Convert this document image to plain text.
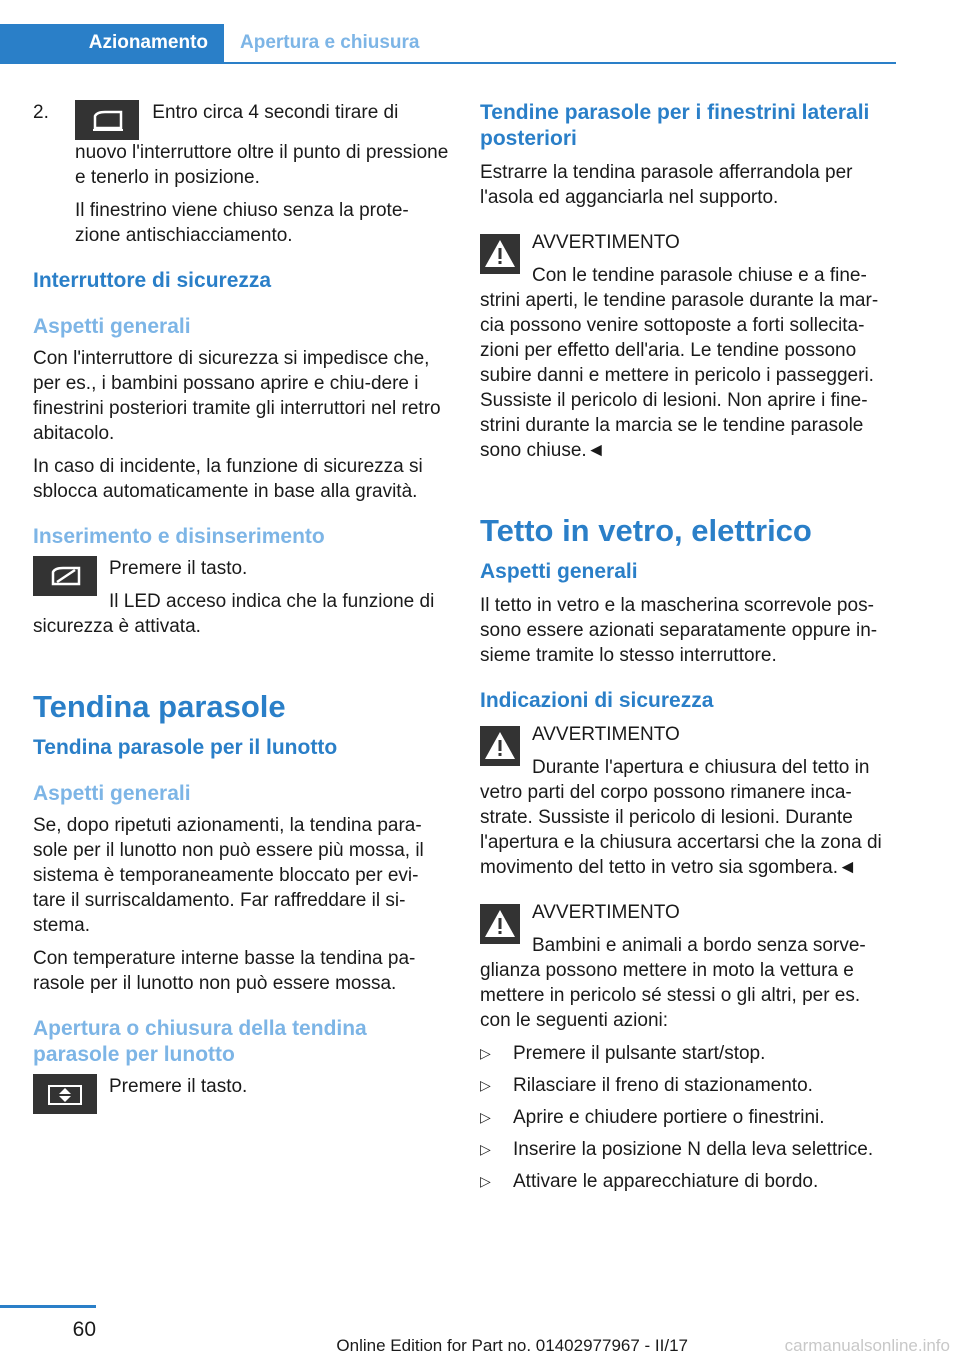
Azionamento	Apertura e chiusura
2.	Entro circa 4 secondi tirare di nuovo l'interruttore oltre il punto di pressione e tenerlo in posizione.

Il finestrino viene chiuso senza la prote‐zione antischiacciamento.

Interruttore di sicurezza
Aspetti generali

Con l'interruttore di sicurezza si impedisce che, per es., i bambini possano aprire e chiu‐dere i finestrini posteriori tramite gli interruttori nel retro abitacolo.

In caso di incidente, la funzione di sicurezza si sblocca automaticamente in base alla gravità.

Inserimento e disinserimento

Premere il tasto.

Il LED acceso indica che la funzione di sicurezza è attivata.

Tendina parasole
Tendina parasole per il lunotto
Aspetti generali

Se, dopo ripetuti azionamenti, la tendina para‐sole per il lunotto non può essere più mossa, il sistema è temporaneamente bloccato per evi‐tare il surriscaldamento. Far raffreddare il si‐stema.

Con temperature interne basse la tendina pa‐rasole per il lunotto non può essere mossa.

Apertura o chiusura della tendina parasole per lunotto

Premere il tasto.

Tendine parasole per i finestrini laterali posteriori

Estrarre la tendina parasole afferrandola per l'asola ed agganciarla nel supporto.

AVVERTIMENTO

Con le tendine parasole chiuse e a fine‐strini aperti, le tendine parasole durante la mar‐cia possono venire sottoposte a forti sollecita‐zioni per effetto dell'aria. Le tendine possono subire danni e mettere in pericolo i passeggeri. Sussiste il pericolo di lesioni. Non aprire i fine‐strini durante la marcia se le tendine parasole sono chiuse.◄

Tetto in vetro, elettrico
Aspetti generali

Il tetto in vetro e la mascherina scorrevole pos‐sono essere azionati separatamente oppure in‐sieme tramite lo stesso interruttore.

Indicazioni di sicurezza

AVVERTIMENTO

Durante l'apertura e chiusura del tetto in vetro parti del corpo possono rimanere inca‐strate. Sussiste il pericolo di lesioni. Durante l'apertura e la chiusura accertarsi che la zona di movimento del tetto in vetro sia sgombera.◄

AVVERTIMENTO

Bambini e animali a bordo senza sorve‐glianza possono mettere in moto la vettura e mettere in pericolo sé stessi o gli altri, per es. con le seguenti azioni:

▷ Premere il pulsante start/stop.
▷ Rilasciare il freno di stazionamento.
▷ Aprire e chiudere portiere o finestrini.
▷ Inserire la posizione N della leva selettrice.
▷ Attivare le apparecchiature di bordo.
60
Online Edition for Part no. 01402977967 - II/17	carmanualsonline.info
